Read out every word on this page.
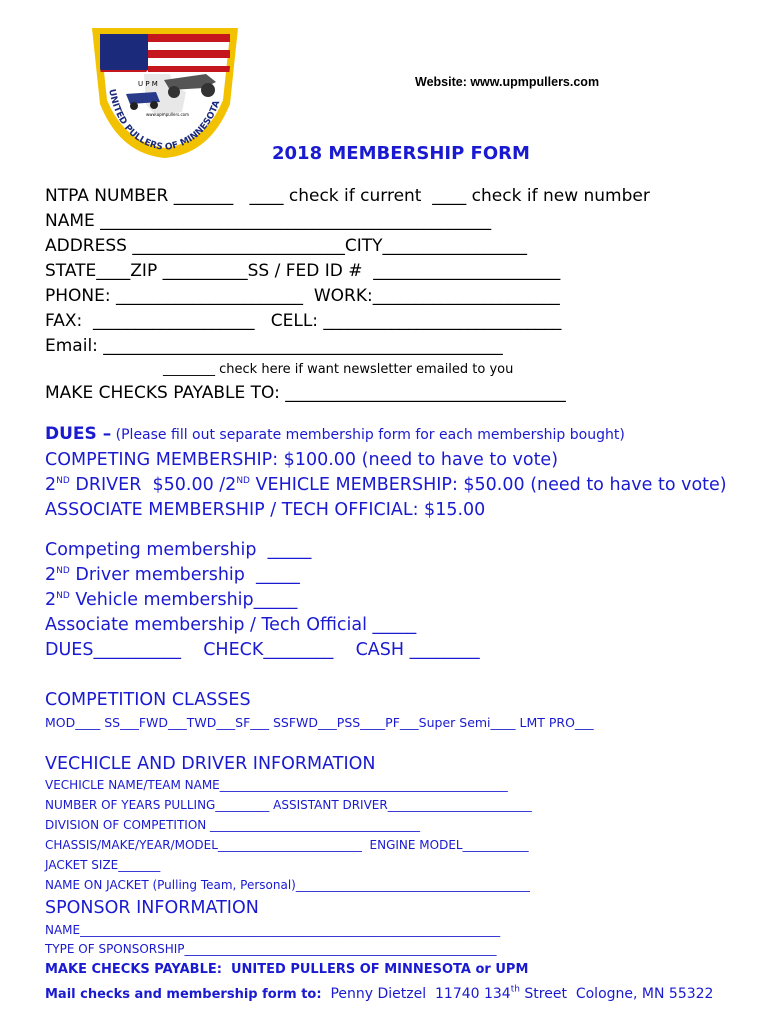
U P M
www.upmpullers.com
UNITED PULLERS OF MINNESOTA
Website: www.upmpullers.com
2018 MEMBERSHIP FORM
NTPA NUMBER _______   ____ check if current  ____ check if new number
NAME ______________________________________________
ADDRESS _________________________CITY_________________
STATE____ZIP __________SS / FED ID #  ______________________
PHONE: ______________________  WORK:______________________
FAX:  ___________________   CELL: ____________________________
Email: _______________________________________________
________ check here if want newsletter emailed to you
MAKE CHECKS PAYABLE TO: _________________________________
DUES – (Please fill out separate membership form for each membership bought)
COMPETING MEMBERSHIP: $100.00 (need to have to vote)
2ND DRIVER  $50.00 /2ND VEHICLE MEMBERSHIP: $50.00 (need to have to vote)
ASSOCIATE MEMBERSHIP / TECH OFFICIAL: $15.00
Competing membership  _____
2ND Driver membership  _____
2ND Vehicle membership_____
Associate membership / Tech Official _____
DUES__________    CHECK________    CASH ________
COMPETITION CLASSES
MOD____ SS___FWD___TWD___SF___ SSFWD___PSS____PF___Super Semi____ LMT PRO___
VECHICLE AND DRIVER INFORMATION
VECHICLE NAME/TEAM NAME________________________________________________
NUMBER OF YEARS PULLING_________ ASSISTANT DRIVER________________________
DIVISION OF COMPETITION ___________________________________
CHASSIS/MAKE/YEAR/MODEL________________________  ENGINE MODEL___________
JACKET SIZE_______
NAME ON JACKET (Pulling Team, Personal)_______________________________________
SPONSOR INFORMATION
NAME______________________________________________________________________
TYPE OF SPONSORSHIP____________________________________________________
MAKE CHECKS PAYABLE:  UNITED PULLERS OF MINNESOTA or UPM
Mail checks and membership form to:  Penny Dietzel  11740 134th Street  Cologne, MN 55322
